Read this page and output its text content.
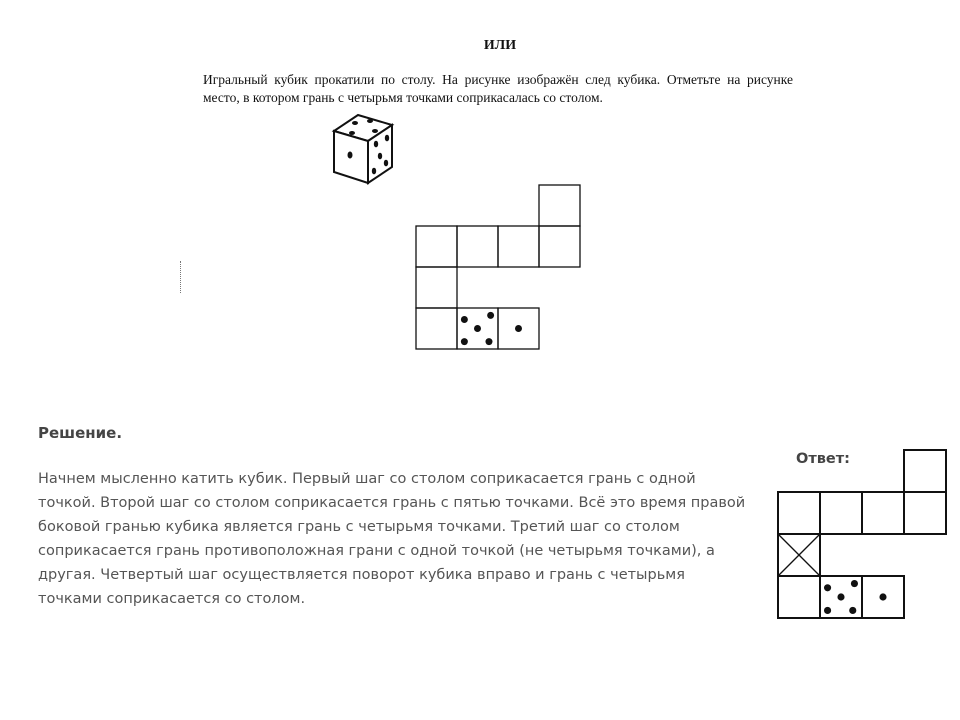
ИЛИ

Игральный кубик прокатили по столу. На рисунке изображён след кубика. Отметьте на рисунке место, в котором грань с четырьмя точками соприкасалась со столом.

Решение.

Начнем мысленно катить кубик. Первый шаг со столом соприкасается грань с одной точкой. Второй шаг со столом соприкасается грань с пятью точками. Всё это время правой боковой гранью кубика является грань с четырьмя точками. Третий шаг со столом соприкасается грань противоположная грани с одной точкой (не четырьмя точками), а другая. Четвертый шаг осуществляется поворот кубика вправо и грань с четырьмя точками соприкасается со столом.

Ответ:
